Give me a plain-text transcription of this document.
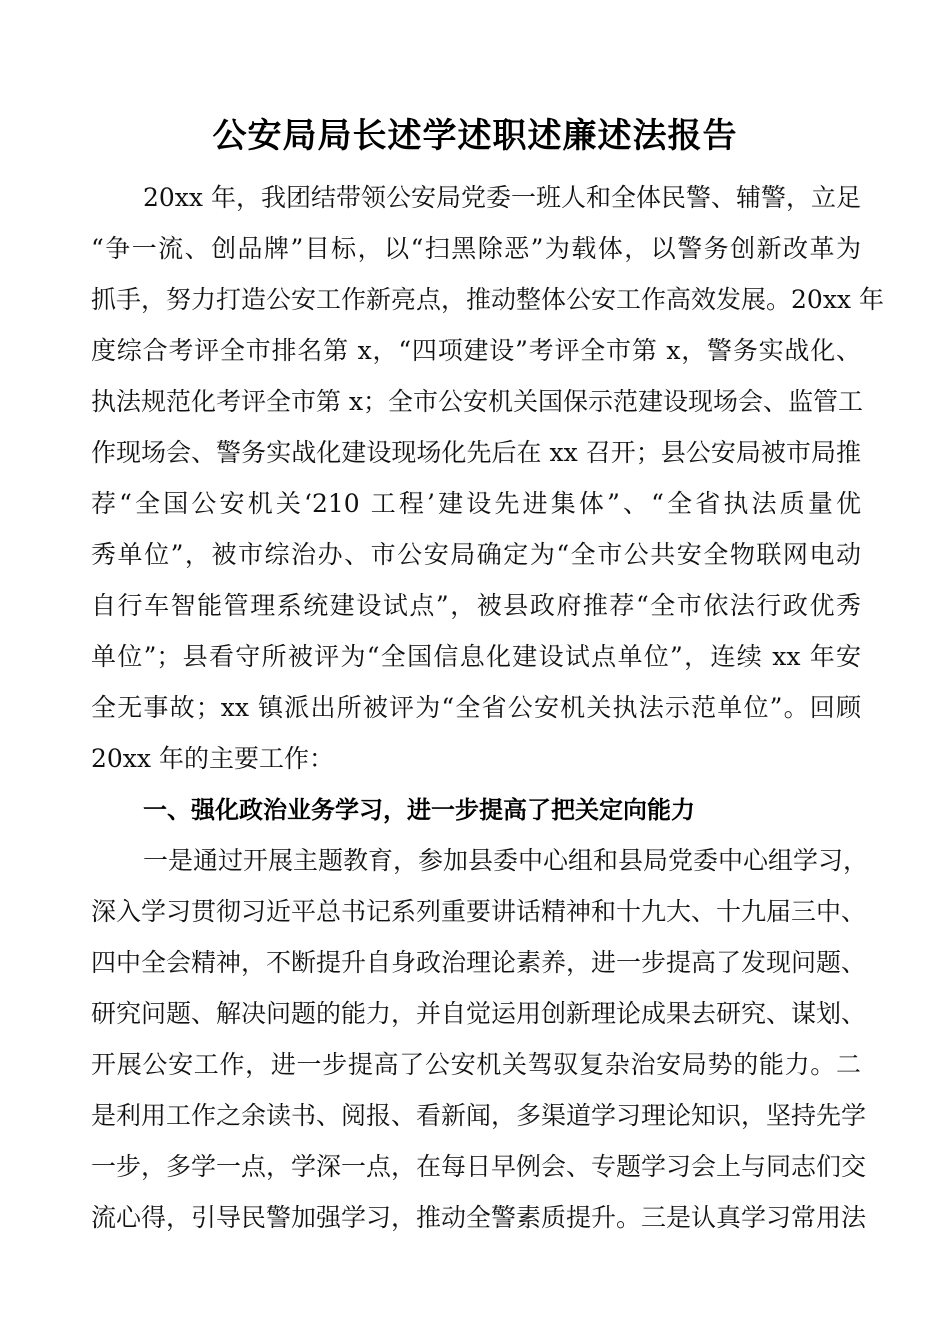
公安局局长述学述职述廉述法报告
20xx 年，我团结带领公安局党委一班人和全体民警、辅警，立足
“争一流、创品牌”目标，以“扫黑除恶”为载体，以警务创新改革为
抓手，努力打造公安工作新亮点，推动整体公安工作高效发展。20xx 年
度综合考评全市排名第 x，“四项建设”考评全市第 x，警务实战化、
执法规范化考评全市第 x；全市公安机关国保示范建设现场会、监管工
作现场会、警务实战化建设现场化先后在 xx 召开；县公安局被市局推
荐“全国公安机关‘210 工程’建设先进集体”、“全省执法质量优
秀单位”，被市综治办、市公安局确定为“全市公共安全物联网电动
自行车智能管理系统建设试点”，被县政府推荐“全市依法行政优秀
单位”；县看守所被评为“全国信息化建设试点单位”，连续 xx 年安
全无事故；xx 镇派出所被评为“全省公安机关执法示范单位”。回顾
20xx 年的主要工作：
一、强化政治业务学习，进一步提高了把关定向能力
一是通过开展主题教育，参加县委中心组和县局党委中心组学习，
深入学习贯彻习近平总书记系列重要讲话精神和十九大、十九届三中、
四中全会精神，不断提升自身政治理论素养，进一步提高了发现问题、
研究问题、解决问题的能力，并自觉运用创新理论成果去研究、谋划、
开展公安工作，进一步提高了公安机关驾驭复杂治安局势的能力。二
是利用工作之余读书、阅报、看新闻，多渠道学习理论知识，坚持先学
一步，多学一点，学深一点，在每日早例会、专题学习会上与同志们交
流心得，引导民警加强学习，推动全警素质提升。三是认真学习常用法
